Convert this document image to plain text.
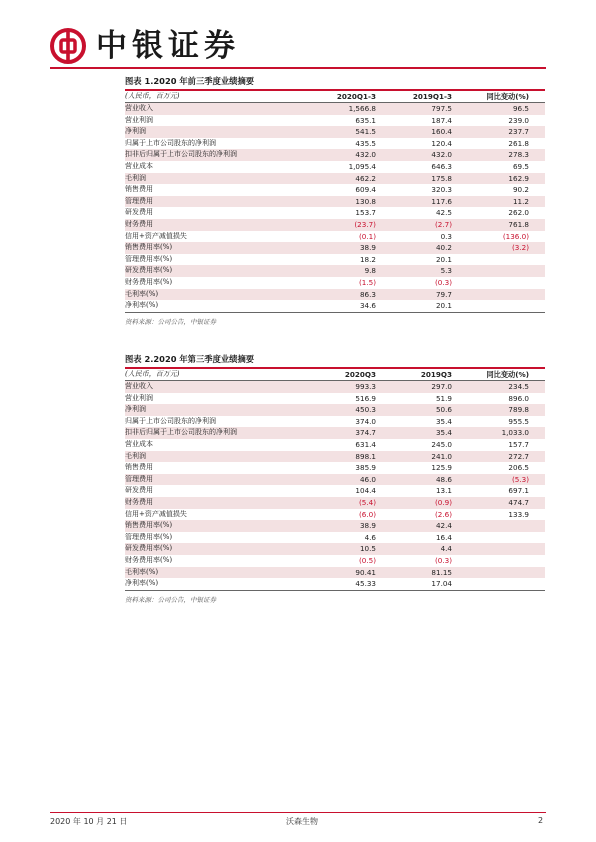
中银证券
图表 1.2020 年前三季度业绩摘要
(人民币，百万元)	2020Q1-3	2019Q1-3	同比变动(%)
营业收入	1,566.8	797.5	96.5
营业利润	635.1	187.4	239.0
净利润	541.5	160.4	237.7
归属于上市公司股东的净利润	435.5	120.4	261.8
扣非后归属于上市公司股东的净利润	432.0	432.0	278.3
营业成本	1,095.4	646.3	69.5
毛利润	462.2	175.8	162.9
销售费用	609.4	320.3	90.2
管理费用	130.8	117.6	11.2
研发费用	153.7	42.5	262.0
财务费用	(23.7)	(2.7)	761.8
信用+资产减值损失	(0.1)	0.3	(136.0)
销售费用率(%)	38.9	40.2	(3.2)
管理费用率(%)	18.2	20.1	
研发费用率(%)	9.8	5.3	
财务费用率(%)	(1.5)	(0.3)	
毛利率(%)	86.3	79.7	
净利率(%)	34.6	20.1	
资料来源：公司公告，中银证券
图表 2.2020 年第三季度业绩摘要
(人民币，百万元)	2020Q3	2019Q3	同比变动(%)
营业收入	993.3	297.0	234.5
营业利润	516.9	51.9	896.0
净利润	450.3	50.6	789.8
归属于上市公司股东的净利润	374.0	35.4	955.5
扣非后归属于上市公司股东的净利润	374.7	35.4	1,033.0
营业成本	631.4	245.0	157.7
毛利润	898.1	241.0	272.7
销售费用	385.9	125.9	206.5
管理费用	46.0	48.6	(5.3)
研发费用	104.4	13.1	697.1
财务费用	(5.4)	(0.9)	474.7
信用+资产减值损失	(6.0)	(2.6)	133.9
销售费用率(%)	38.9	42.4	
管理费用率(%)	4.6	16.4	
研发费用率(%)	10.5	4.4	
财务费用率(%)	(0.5)	(0.3)	
毛利率(%)	90.41	81.15	
净利率(%)	45.33	17.04	
资料来源：公司公告，中银证券
2020 年 10 月 21 日	沃森生物	2
